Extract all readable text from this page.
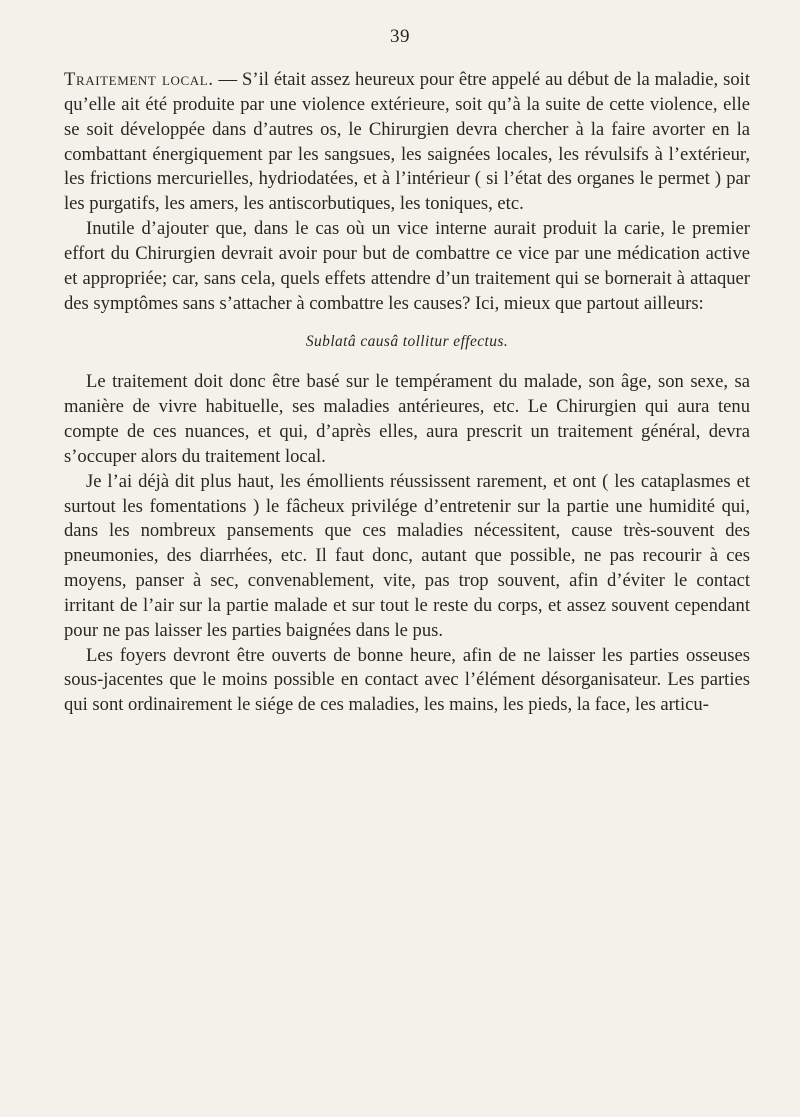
39

Traitement local. — S’il était assez heureux pour être appelé au début de la maladie, soit qu’elle ait été produite par une violence extérieure, soit qu’à la suite de cette violence, elle se soit développée dans d’autres os, le Chirurgien devra chercher à la faire avorter en la combattant énergiquement par les sangsues, les saignées locales, les révulsifs à l’extérieur, les frictions mercurielles, hydriodatées, et à l’intérieur ( si l’état des organes le permet ) par les purgatifs, les amers, les antiscorbutiques, les toniques, etc.

Inutile d’ajouter que, dans le cas où un vice interne aurait produit la carie, le premier effort du Chirurgien devrait avoir pour but de combattre ce vice par une médication active et appropriée; car, sans cela, quels effets attendre d’un traitement qui se bornerait à attaquer des symptômes sans s’attacher à combattre les causes? Ici, mieux que partout ailleurs:

Sublatâ causâ tollitur effectus.

Le traitement doit donc être basé sur le tempérament du malade, son âge, son sexe, sa manière de vivre habituelle, ses maladies antérieures, etc. Le Chirurgien qui aura tenu compte de ces nuances, et qui, d’après elles, aura prescrit un traitement général, devra s’occuper alors du traitement local.

Je l’ai déjà dit plus haut, les émollients réussissent rarement, et ont ( les cataplasmes et surtout les fomentations ) le fâcheux privilége d’entretenir sur la partie une humidité qui, dans les nombreux pansements que ces maladies nécessitent, cause très-souvent des pneumonies, des diarrhées, etc. Il faut donc, autant que possible, ne pas recourir à ces moyens, panser à sec, convenablement, vite, pas trop souvent, afin d’éviter le contact irritant de l’air sur la partie malade et sur tout le reste du corps, et assez souvent cependant pour ne pas laisser les parties baignées dans le pus.

Les foyers devront être ouverts de bonne heure, afin de ne laisser les parties osseuses sous-jacentes que le moins possible en contact avec l’élément désorganisateur. Les parties qui sont ordinairement le siége de ces maladies, les mains, les pieds, la face, les articu-
